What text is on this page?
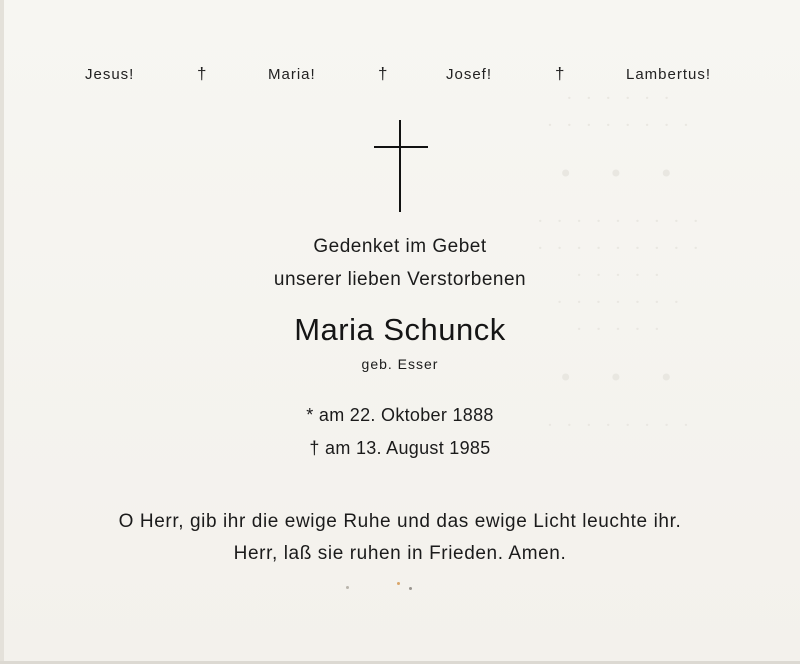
· · · · · ·
· · · · · · · ·
· · ·
· · · · · · · · ·
· · · · · · · · ·
· · · · ·
· · · · · · ·
· · · · ·
· · ·
· · · · · · · ·
Jesus!	†	Maria!	†	Josef!	†	Lambertus!
Gedenket im Gebet
unserer lieben Verstorbenen
Maria Schunck
geb. Esser
* am 22. Oktober 1888
† am 13. August 1985
O Herr, gib ihr die ewige Ruhe und das ewige Licht leuchte ihr.
Herr, laß sie ruhen in Frieden. Amen.
